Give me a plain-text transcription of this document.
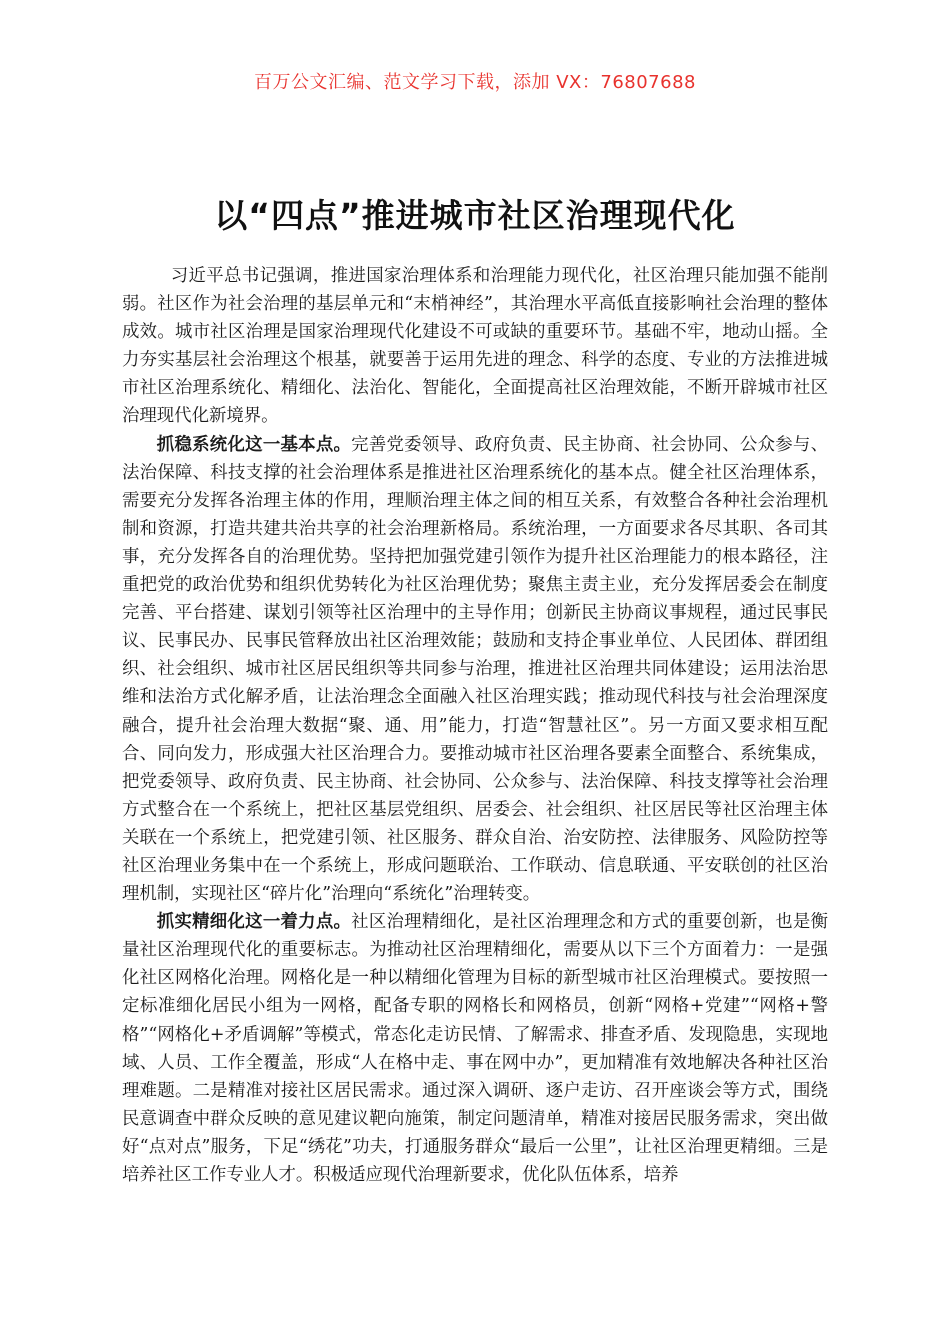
百万公文汇编、范文学习下载，添加 VX：76807688
以“四点”推进城市社区治理现代化

习近平总书记强调，推进国家治理体系和治理能力现代化，社区治理只能加强不能削弱。社区作为社会治理的基层单元和“末梢神经”，其治理水平高低直接影响社会治理的整体成效。城市社区治理是国家治理现代化建设不可或缺的重要环节。基础不牢，地动山摇。全力夯实基层社会治理这个根基，就要善于运用先进的理念、科学的态度、专业的方法推进城市社区治理系统化、精细化、法治化、智能化，全面提高社区治理效能，不断开辟城市社区治理现代化新境界。

抓稳系统化这一基本点。完善党委领导、政府负责、民主协商、社会协同、公众参与、法治保障、科技支撑的社会治理体系是推进社区治理系统化的基本点。健全社区治理体系，需要充分发挥各治理主体的作用，理顺治理主体之间的相互关系，有效整合各种社会治理机制和资源，打造共建共治共享的社会治理新格局。系统治理，一方面要求各尽其职、各司其事，充分发挥各自的治理优势。坚持把加强党建引领作为提升社区治理能力的根本路径，注重把党的政治优势和组织优势转化为社区治理优势；聚焦主责主业，充分发挥居委会在制度完善、平台搭建、谋划引领等社区治理中的主导作用；创新民主协商议事规程，通过民事民议、民事民办、民事民管释放出社区治理效能；鼓励和支持企事业单位、人民团体、群团组织、社会组织、城市社区居民组织等共同参与治理，推进社区治理共同体建设；运用法治思维和法治方式化解矛盾，让法治理念全面融入社区治理实践；推动现代科技与社会治理深度融合，提升社会治理大数据“聚、通、用”能力，打造“智慧社区”。另一方面又要求相互配合、同向发力，形成强大社区治理合力。要推动城市社区治理各要素全面整合、系统集成，把党委领导、政府负责、民主协商、社会协同、公众参与、法治保障、科技支撑等社会治理方式整合在一个系统上，把社区基层党组织、居委会、社会组织、社区居民等社区治理主体关联在一个系统上，把党建引领、社区服务、群众自治、治安防控、法律服务、风险防控等社区治理业务集中在一个系统上，形成问题联治、工作联动、信息联通、平安联创的社区治理机制，实现社区“碎片化”治理向“系统化”治理转变。

抓实精细化这一着力点。社区治理精细化，是社区治理理念和方式的重要创新，也是衡量社区治理现代化的重要标志。为推动社区治理精细化，需要从以下三个方面着力：一是强化社区网格化治理。网格化是一种以精细化管理为目标的新型城市社区治理模式。要按照一定标准细化居民小组为一网格，配备专职的网格长和网格员，创新“网格+党建”“网格+警格”“网格化+矛盾调解”等模式，常态化走访民情、了解需求、排查矛盾、发现隐患，实现地域、人员、工作全覆盖，形成“人在格中走、事在网中办”，更加精准有效地解决各种社区治理难题。二是精准对接社区居民需求。通过深入调研、逐户走访、召开座谈会等方式，围绕民意调查中群众反映的意见建议靶向施策，制定问题清单，精准对接居民服务需求，突出做好“点对点”服务，下足“绣花”功夫，打通服务群众“最后一公里”，让社区治理更精细。三是培养社区工作专业人才。积极适应现代治理新要求，优化队伍体系，培养
